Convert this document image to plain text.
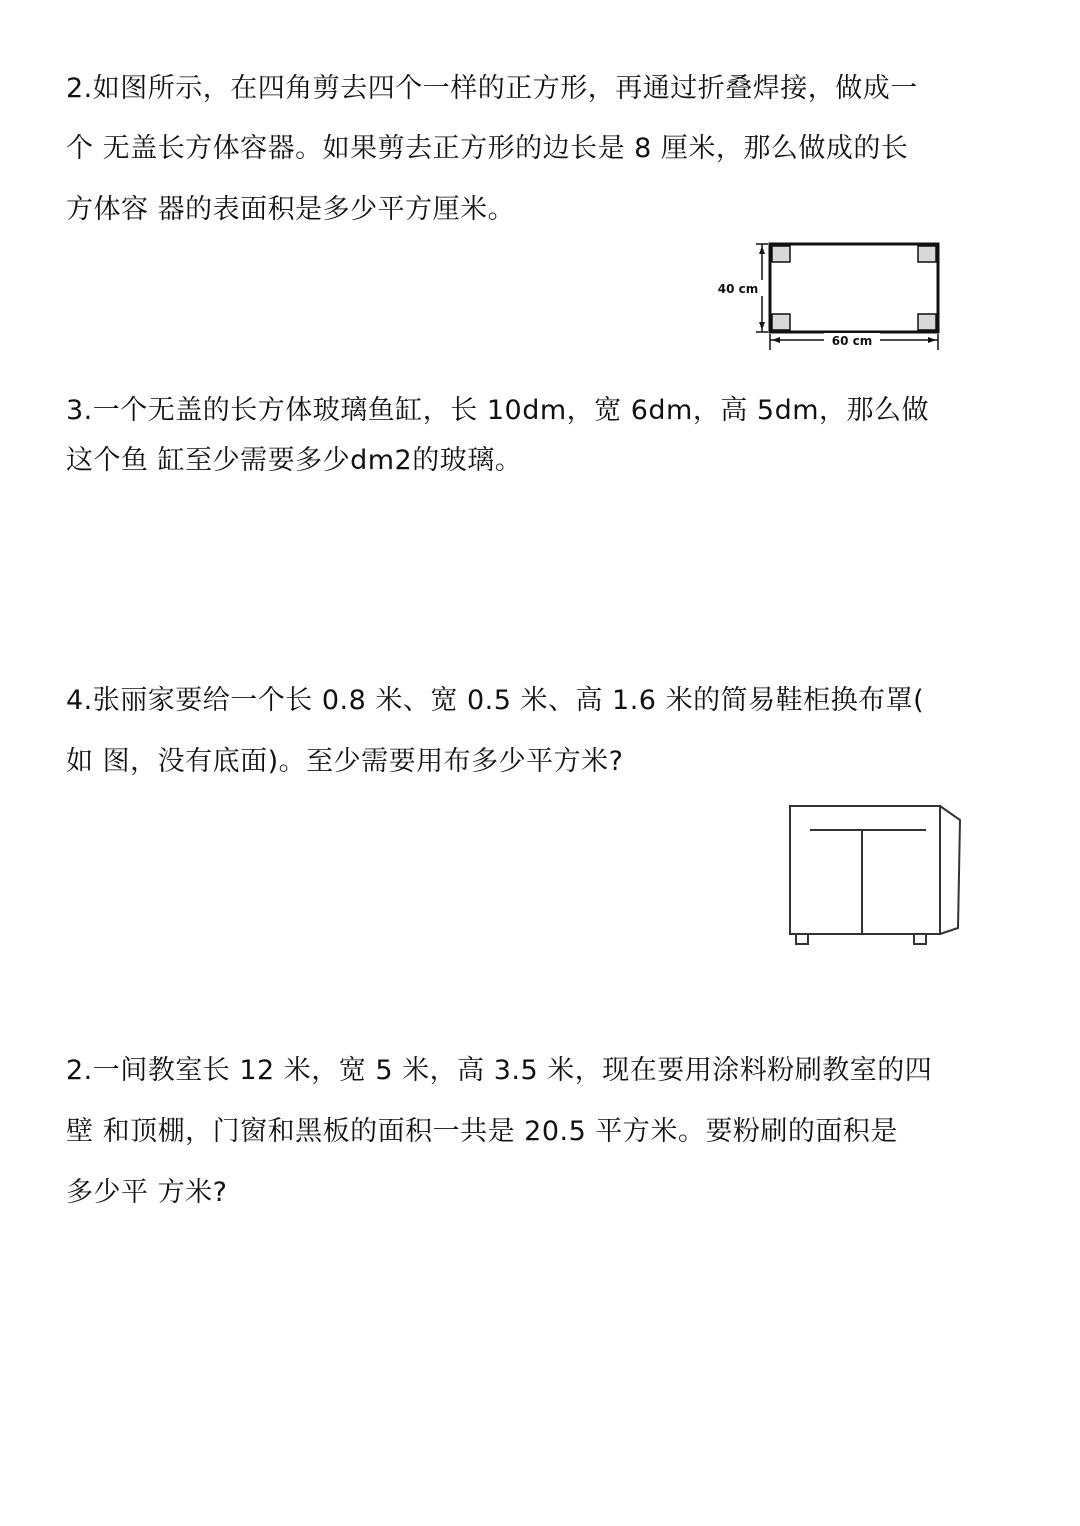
2.如图所示，在四角剪去四个一样的正方形，再通过折叠焊接，做成一
个 无盖长方体容器。如果剪去正方形的边长是 8 厘米，那么做成的长
方体容 器的表面积是多少平方厘米。
40 cm
60 cm
3.一个无盖的长方体玻璃鱼缸，长 10dm，宽 6dm，高 5dm，那么做
这个鱼 缸至少需要多少dm2的玻璃。
4.张丽家要给一个长 0.8 米、宽 0.5 米、高 1.6 米的简易鞋柜换布罩(
如 图，没有底面)。至少需要用布多少平方米?
2.一间教室长 12 米，宽 5 米，高 3.5 米，现在要用涂料粉刷教室的四
壁 和顶棚，门窗和黑板的面积一共是 20.5 平方米。要粉刷的面积是
多少平 方米?
